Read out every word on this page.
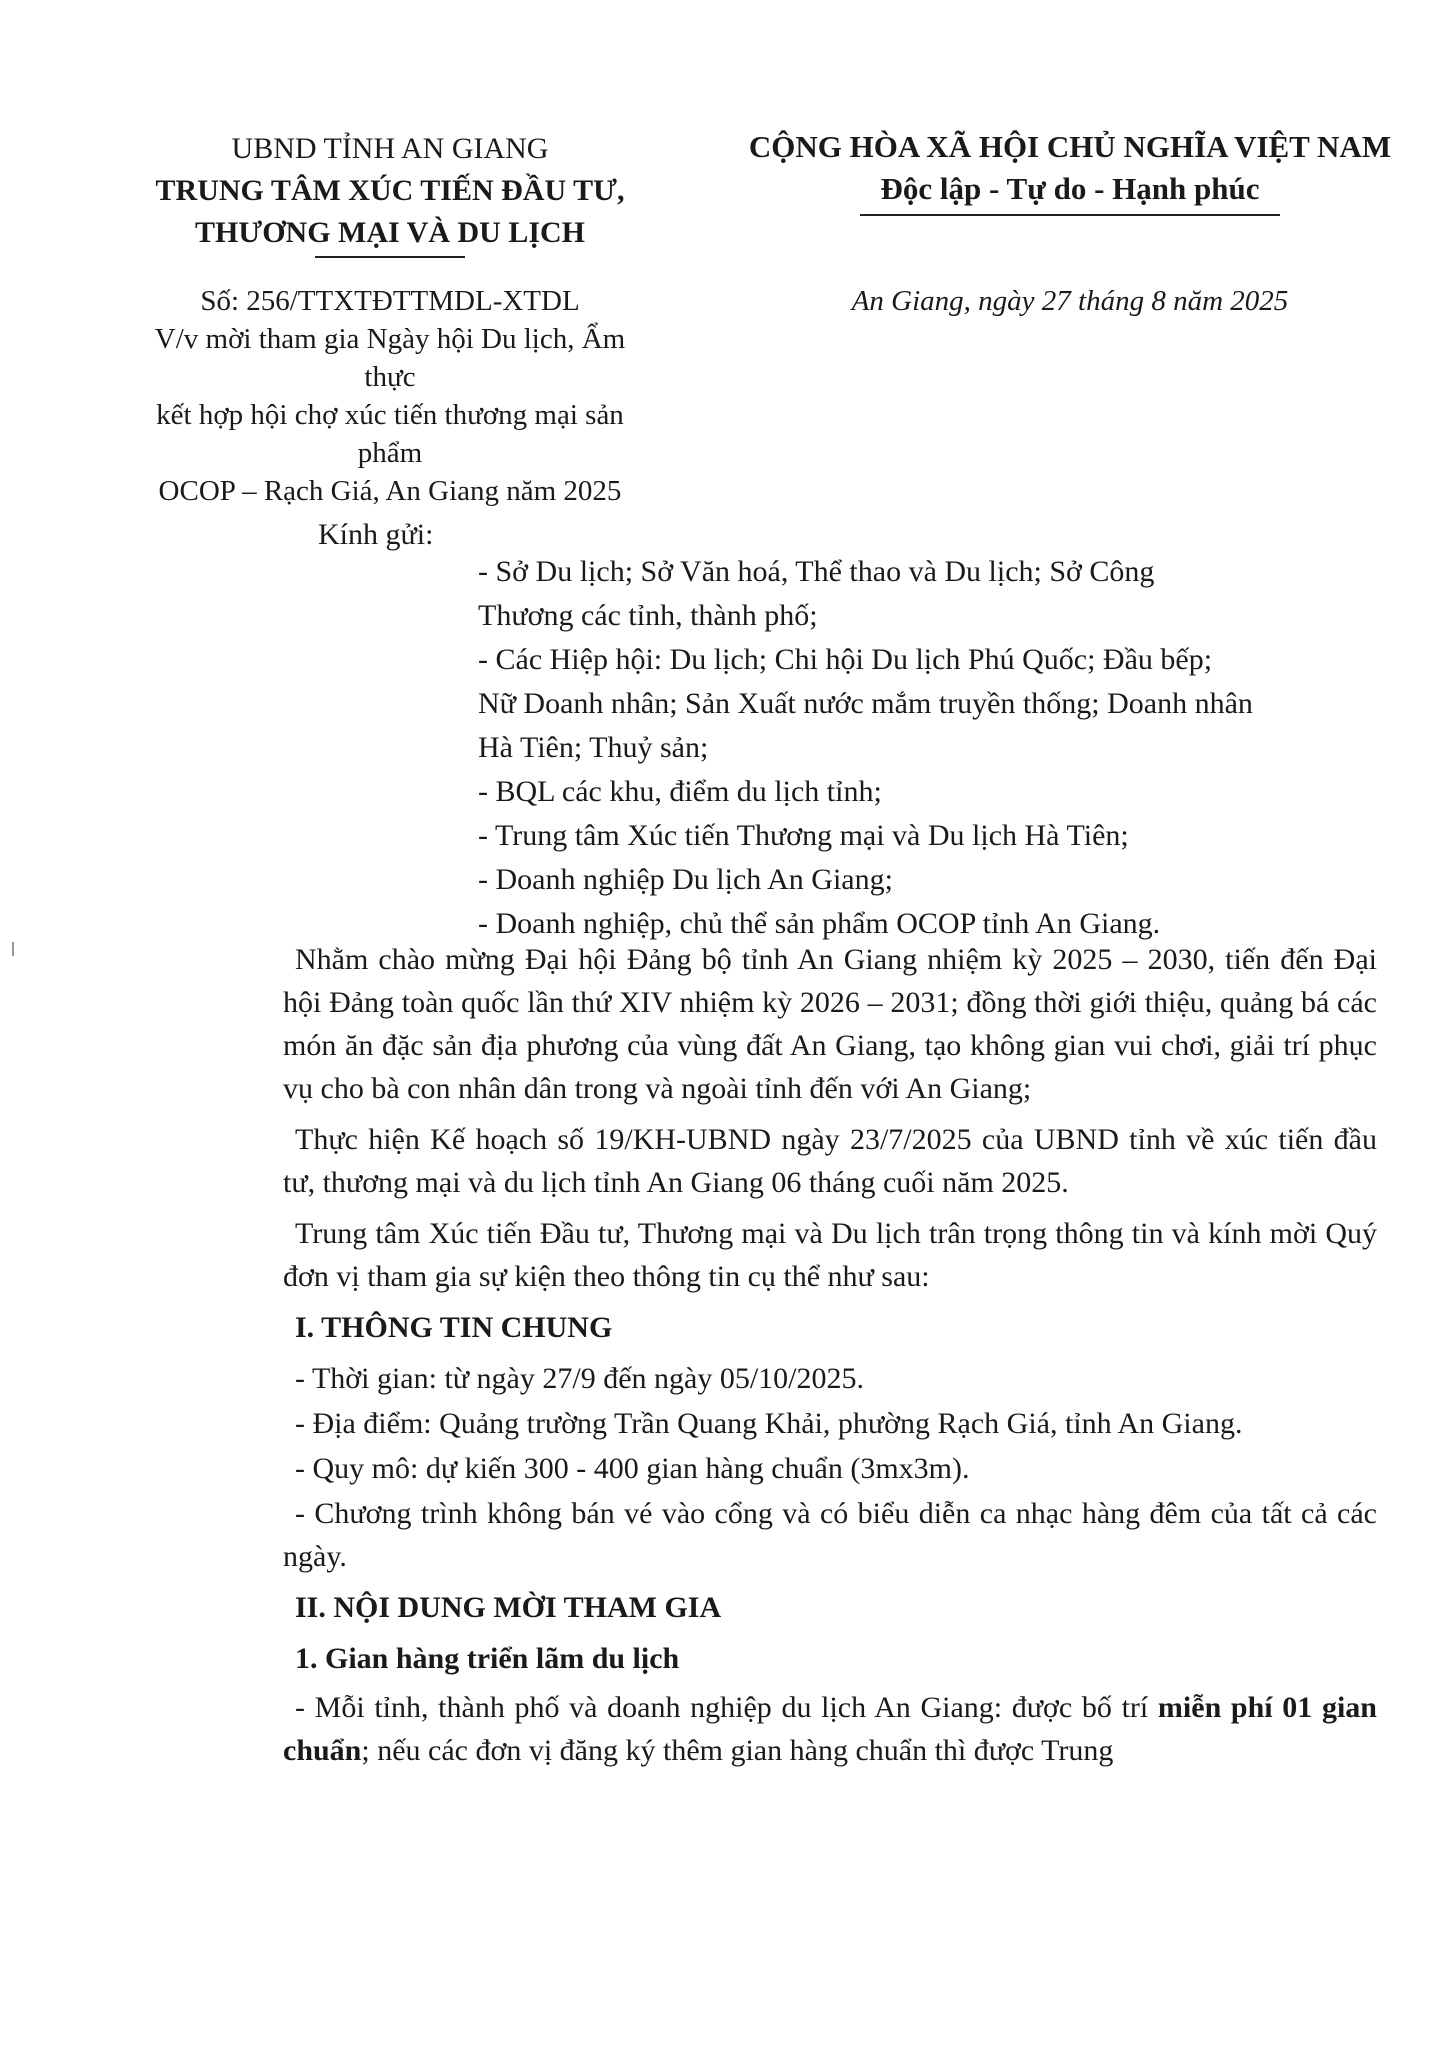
UBND TỈNH AN GIANG
TRUNG TÂM XÚC TIẾN ĐẦU TƯ,
THƯƠNG MẠI VÀ DU LỊCH
CỘNG HÒA XÃ HỘI CHỦ NGHĨA VIỆT NAM
Độc lập - Tự do - Hạnh phúc
Số: 256/TTXTĐTTMDL-XTDL
V/v mời tham gia Ngày hội Du lịch, Ẩm thực
kết hợp hội chợ xúc tiến thương mại sản phẩm
OCOP – Rạch Giá, An Giang năm 2025
An Giang, ngày 27 tháng 8 năm 2025
Kính gửi:
- Sở Du lịch; Sở Văn hoá, Thể thao và Du lịch; Sở Công
Thương các tỉnh, thành phố;
- Các Hiệp hội: Du lịch; Chi hội Du lịch Phú Quốc; Đầu bếp;
Nữ Doanh nhân; Sản Xuất nước mắm truyền thống; Doanh nhân
Hà Tiên; Thuỷ sản;
- BQL các khu, điểm du lịch tỉnh;
- Trung tâm Xúc tiến Thương mại và Du lịch Hà Tiên;
- Doanh nghiệp Du lịch An Giang;
- Doanh nghiệp, chủ thể sản phẩm OCOP tỉnh An Giang.

Nhằm chào mừng Đại hội Đảng bộ tỉnh An Giang nhiệm kỳ 2025 – 2030, tiến đến Đại hội Đảng toàn quốc lần thứ XIV nhiệm kỳ 2026 – 2031; đồng thời giới thiệu, quảng bá các món ăn đặc sản địa phương của vùng đất An Giang, tạo không gian vui chơi, giải trí phục vụ cho bà con nhân dân trong và ngoài tỉnh đến với An Giang;

Thực hiện Kế hoạch số 19/KH-UBND ngày 23/7/2025 của UBND tỉnh về xúc tiến đầu tư, thương mại và du lịch tỉnh An Giang 06 tháng cuối năm 2025.

Trung tâm Xúc tiến Đầu tư, Thương mại và Du lịch trân trọng thông tin và kính mời Quý đơn vị tham gia sự kiện theo thông tin cụ thể như sau:

I. THÔNG TIN CHUNG

- Thời gian: từ ngày 27/9 đến ngày 05/10/2025.

- Địa điểm: Quảng trường Trần Quang Khải, phường Rạch Giá, tỉnh An Giang.

- Quy mô: dự kiến 300 - 400 gian hàng chuẩn (3mx3m).

- Chương trình không bán vé vào cổng và có biểu diễn ca nhạc hàng đêm của tất cả các ngày.

II. NỘI DUNG MỜI THAM GIA
1. Gian hàng triển lãm du lịch

- Mỗi tỉnh, thành phố và doanh nghiệp du lịch An Giang: được bố trí miễn phí 01 gian chuẩn; nếu các đơn vị đăng ký thêm gian hàng chuẩn thì được Trung
